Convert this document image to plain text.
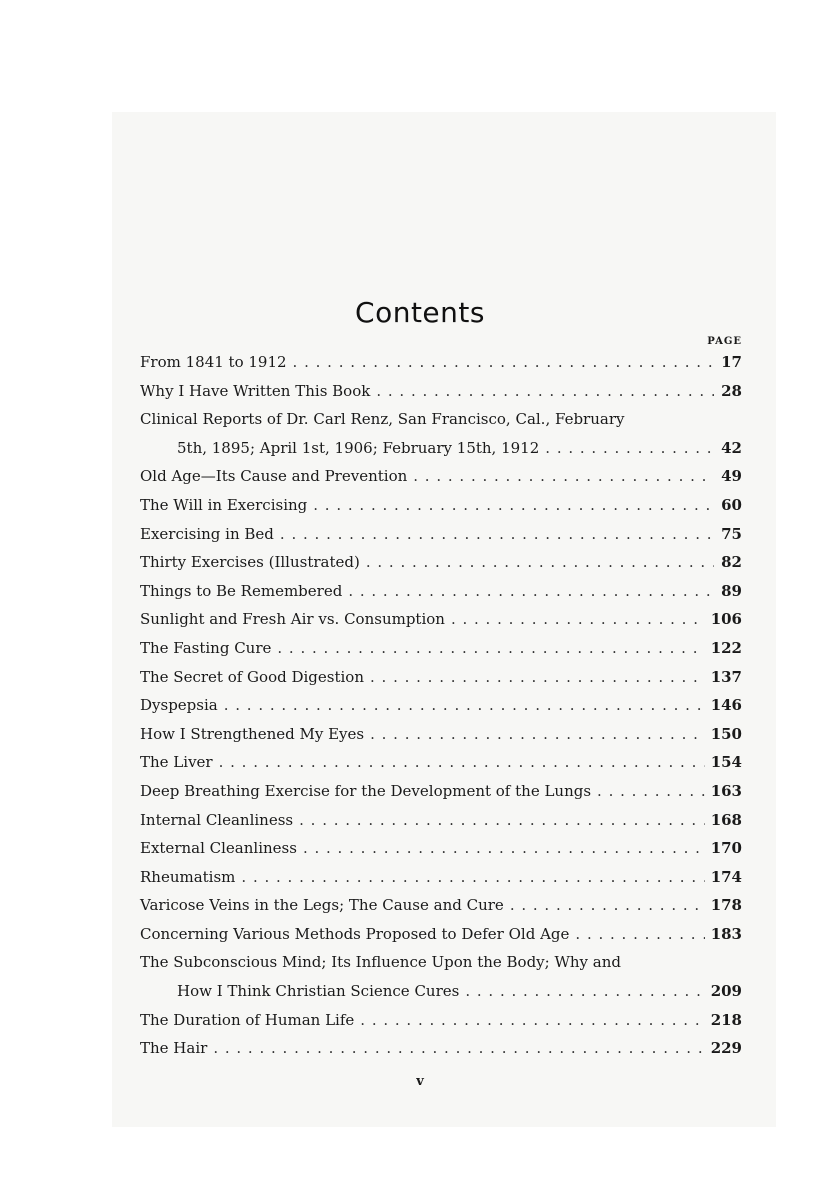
Contents
PAGE
From 1841 to 1912 . . .	17
Why I Have Written This Book . . .	28
Clinical Reports of Dr. Carl Renz, San Francisco, Cal., February
5th, 1895; April 1st, 1906; February 15th, 1912 . . .	42
Old Age—Its Cause and Prevention . . .	49
The Will in Exercising . . .	60
Exercising in Bed . . .	75
Thirty Exercises (Illustrated) . . .	82
Things to Be Remembered . . .	89
Sunlight and Fresh Air vs. Consumption . . .	106
The Fasting Cure . . .	122
The Secret of Good Digestion . . .	137
Dyspepsia . . .	146
How I Strengthened My Eyes . . .	150
The Liver . . .	154
Deep Breathing Exercise for the Development of the Lungs . . .	163
Internal Cleanliness . . .	168
External Cleanliness . . .	170
Rheumatism . . .	174
Varicose Veins in the Legs; The Cause and Cure . . .	178
Concerning Various Methods Proposed to Defer Old Age . . .	183
The Subconscious Mind; Its Influence Upon the Body; Why and
How I Think Christian Science Cures . . .	209
The Duration of Human Life . . .	218
The Hair . . .	229
v
